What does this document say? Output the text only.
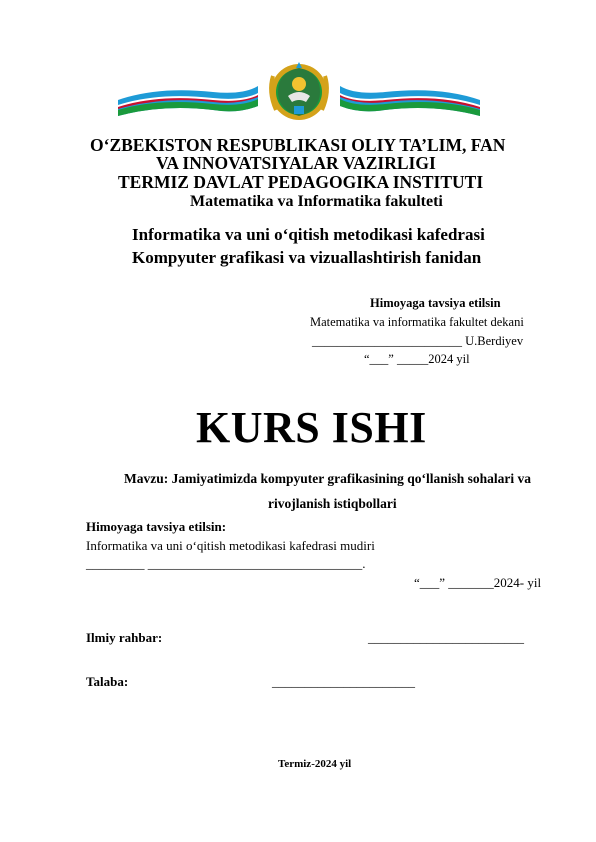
O‘ZBEKISTON RESPUBLIKASI OLIY TA’LIM, FAN
VA INNOVATSIYALAR VAZIRLIGI
TERMIZ DAVLAT PEDAGOGIKA INSTITUTI
Matematika va Informatika fakulteti
Informatika va uni o‘qitish metodikasi kafedrasi
Kompyuter grafikasi va vizuallashtirish fanidan
Himoyaga tavsiya etilsin
Matematika va informatika fakultet dekani
________________________ U.Berdiyev
“___” _____2024 yil
KURS ISHI
Mavzu: Jamiyatimizda kompyuter grafikasining qo‘llanish sohalari va
rivojlanish istiqbollari
Himoyaga tavsiya etilsin:
Informatika va uni o‘qitish metodikasi kafedrasi mudiri
_________ _________________________________.
“___” _______2024- yil
Ilmiy rahbar:	________________________
Talaba:	______________________
Termiz-2024 yil
